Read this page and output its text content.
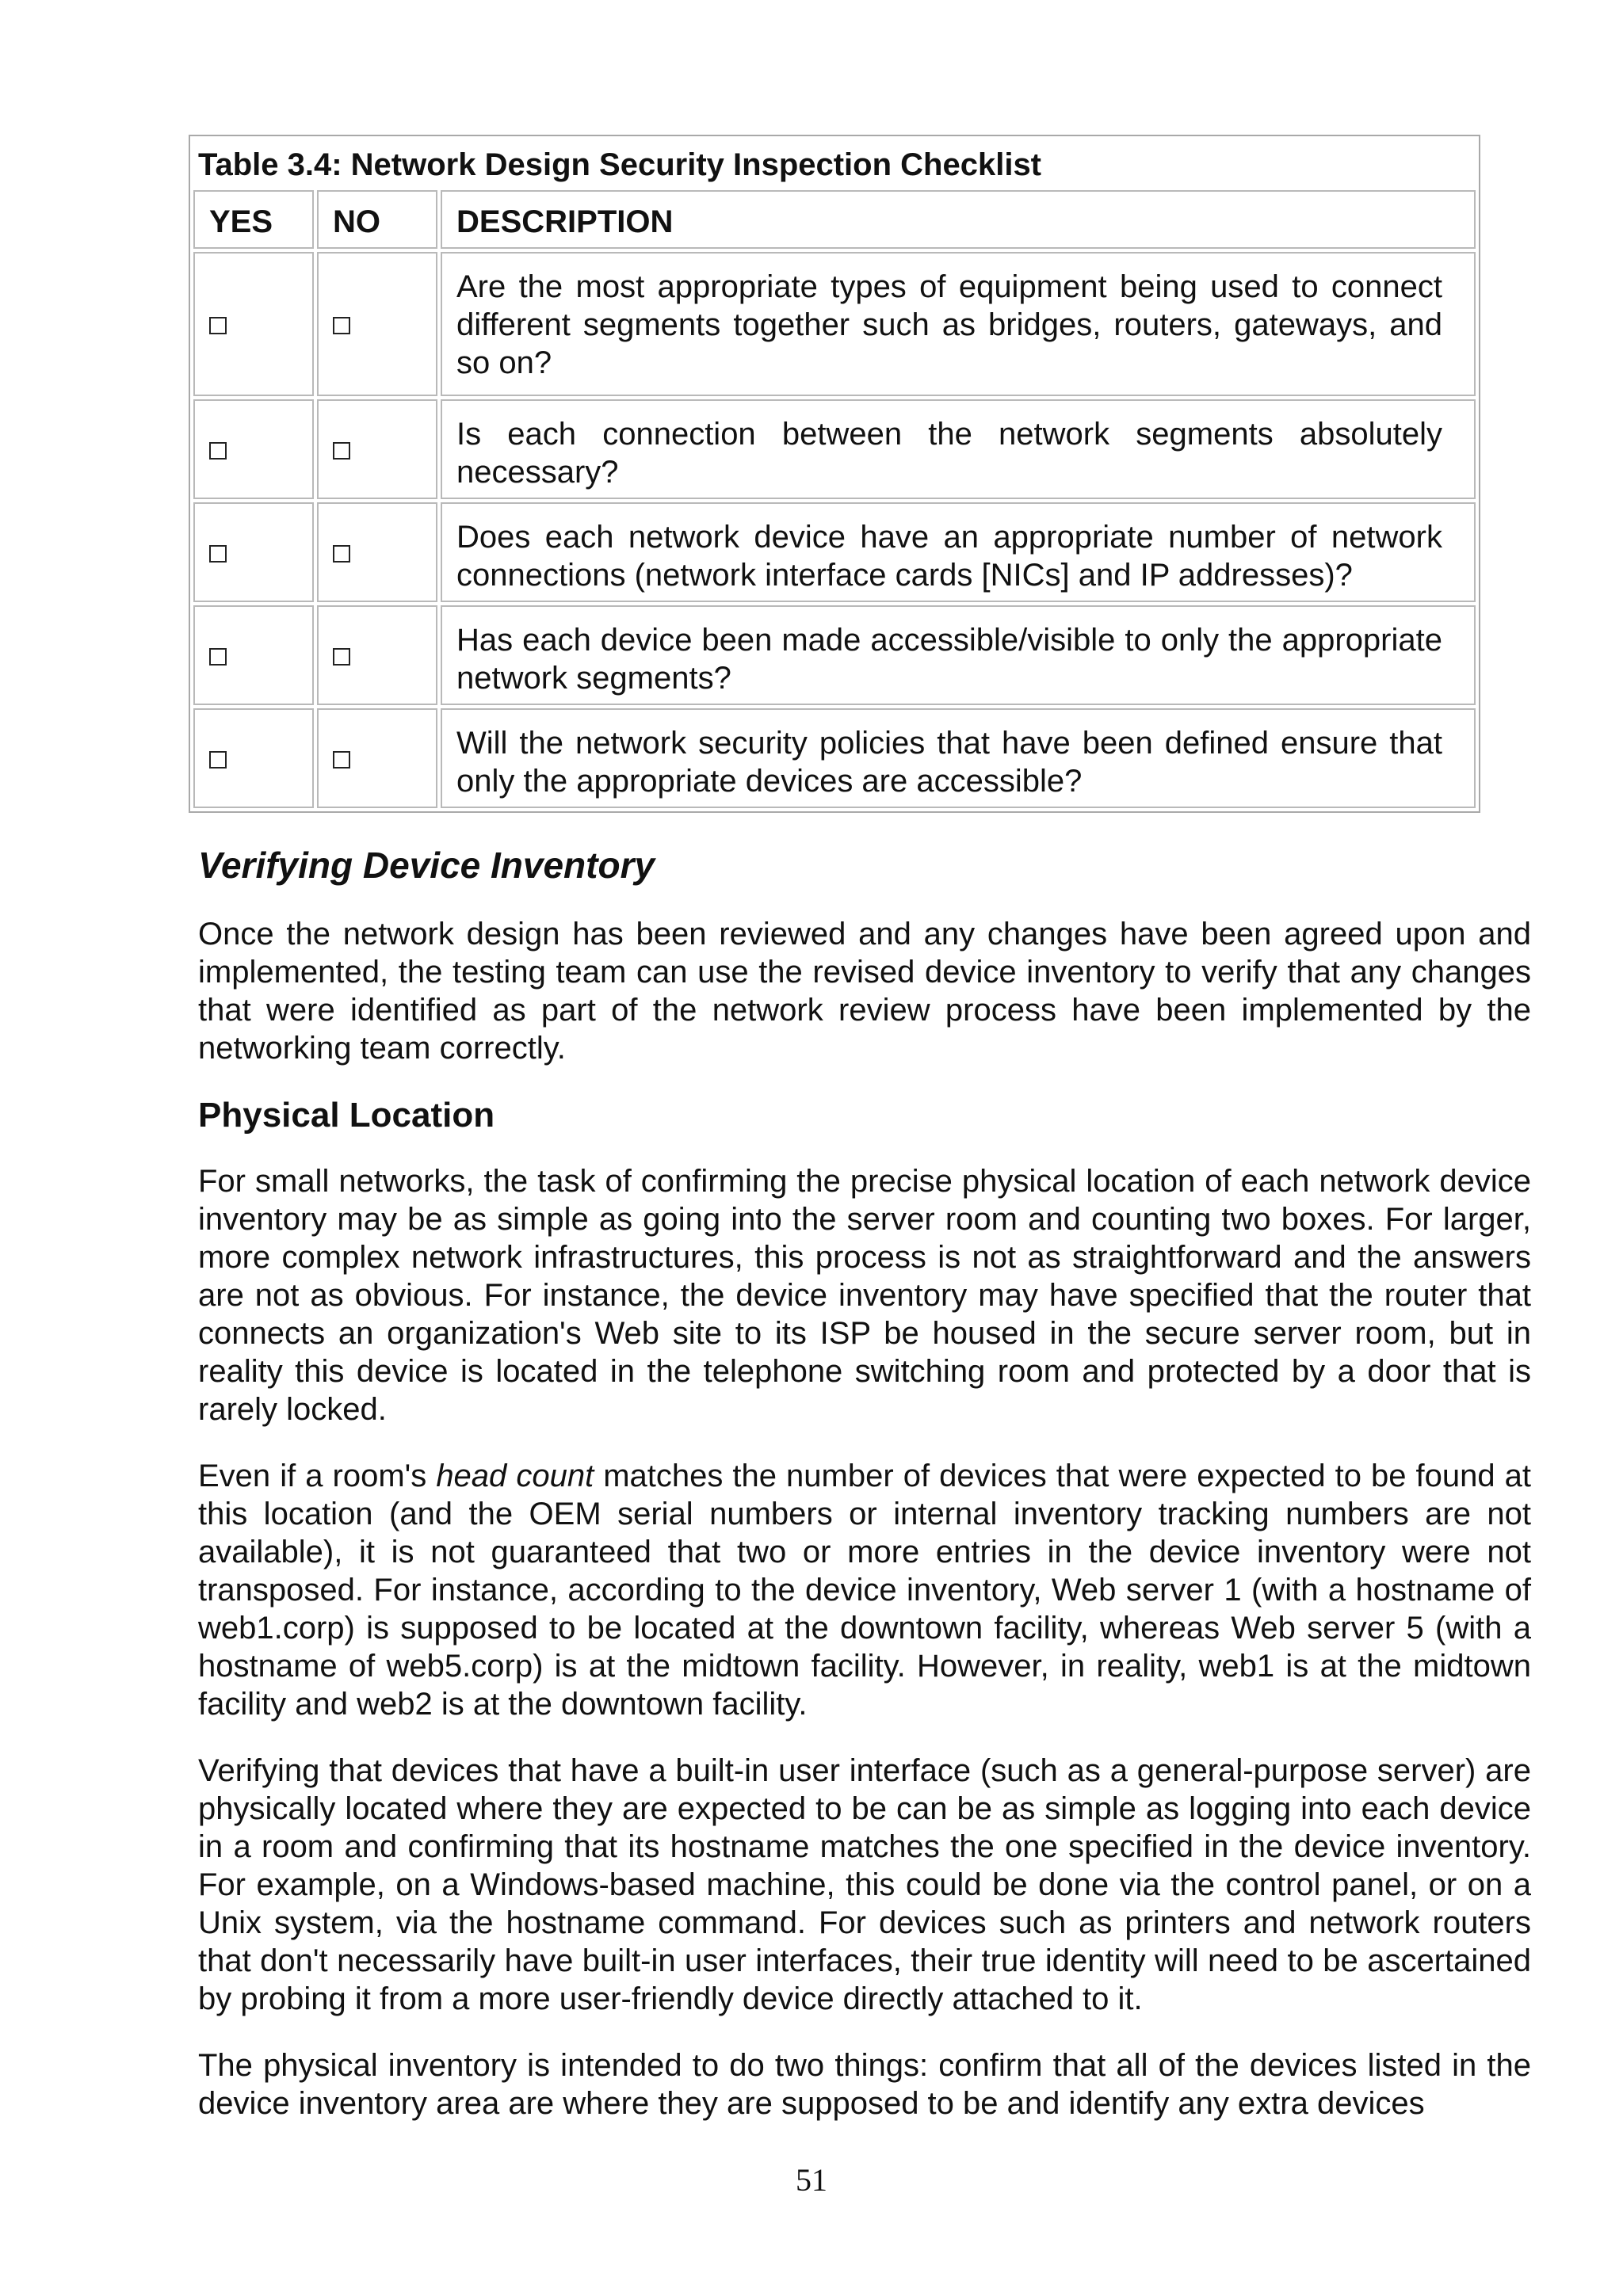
Table 3.4: Network Design Security Inspection Checklist		
YES	NO	DESCRIPTION
		Are the most appropriate types of equipment being used to connect different segments together such as bridges, routers, gateways, and so on?
		Is each connection between the network segments absolutely necessary?
		Does each network device have an appropriate number of network connections (network interface cards [NICs] and IP addresses)?
		Has each device been made accessible/visible to only the appropriate network segments?
		Will the network security policies that have been defined ensure that only the appropriate devices are accessible?
Verifying Device Inventory

Once the network design has been reviewed and any changes have been agreed upon and implemented, the testing team can use the revised device inventory to verify that any changes that were identified as part of the network review process have been implemented by the networking team correctly.

Physical Location

For small networks, the task of confirming the precise physical location of each network device inventory may be as simple as going into the server room and counting two boxes. For larger, more complex network infrastructures, this process is not as straightforward and the answers are not as obvious. For instance, the device inventory may have specified that the router that connects an organization's Web site to its ISP be housed in the secure server room, but in reality this device is located in the telephone switching room and protected by a door that is rarely locked.

Even if a room's head count matches the number of devices that were expected to be found at this location (and the OEM serial numbers or internal inventory tracking numbers are not available), it is not guaranteed that two or more entries in the device inventory were not transposed. For instance, according to the device inventory, Web server 1 (with a hostname of web1.corp) is supposed to be located at the downtown facility, whereas Web server 5 (with a hostname of web5.corp) is at the midtown facility. However, in reality, web1 is at the midtown facility and web2 is at the downtown facility.

Verifying that devices that have a built-in user interface (such as a general-purpose server) are physically located where they are expected to be can be as simple as logging into each device in a room and confirming that its hostname matches the one specified in the device inventory. For example, on a Windows-based machine, this could be done via the control panel, or on a Unix system, via the hostname command. For devices such as printers and network routers that don't necessarily have built-in user interfaces, their true identity will need to be ascertained by probing it from a more user-friendly device directly attached to it.

The physical inventory is intended to do two things: confirm that all of the devices listed in the device inventory area are where they are supposed to be and identify any extra devices

51
